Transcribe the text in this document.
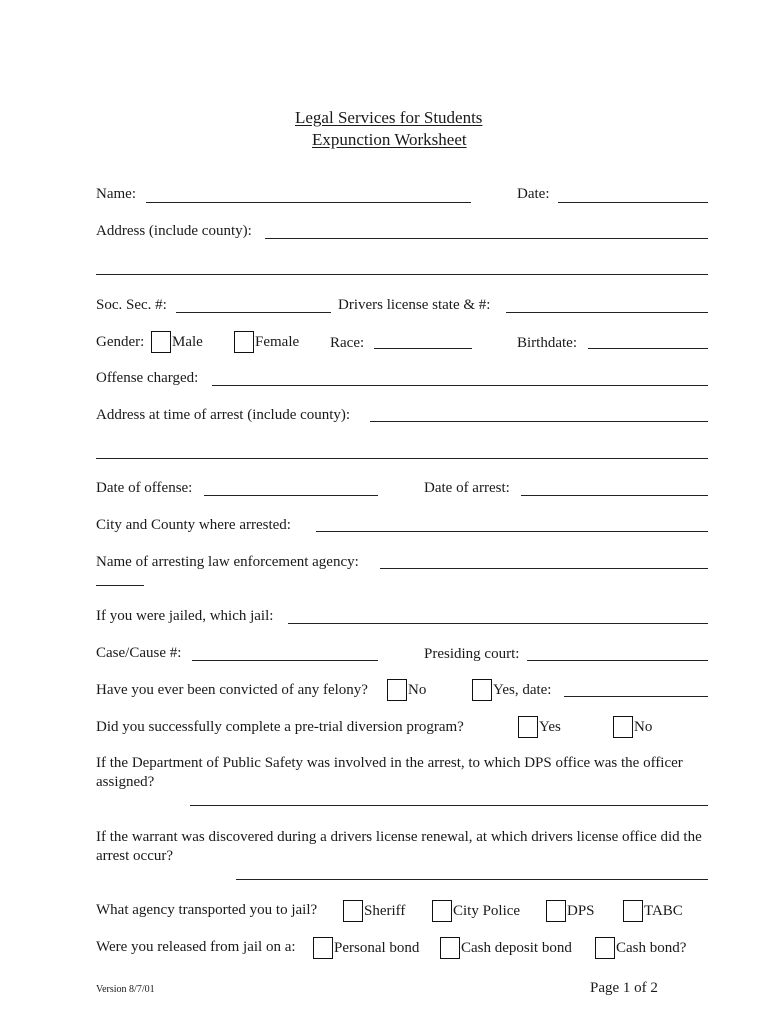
Legal Services for Students
Expunction Worksheet
Name:	Date:
Address (include county):
Soc. Sec. #:	Drivers license state & #:
Gender: Male	Female Race:	Birthdate:
Offense charged:
Address at time of arrest (include county):
Date of offense:	Date of arrest:
City and County where arrested:
Name of arresting law enforcement agency:
If you were jailed, which jail:
Case/Cause #:	Presiding court:
Have you ever been convicted of any felony?	No	Yes, date:
Did you successfully complete a pre-trial diversion program?	Yes	No
If the Department of Public Safety was involved in the arrest, to which DPS office was the officer assigned?
If the warrant was discovered during a drivers license renewal, at which drivers license office did the arrest occur?
What agency transported you to jail?	Sheriff	City Police	DPS	TABC
Were you released from jail on a:	Personal bond	Cash deposit bond	Cash bond?
Version 8/7/01	Page 1 of 2
